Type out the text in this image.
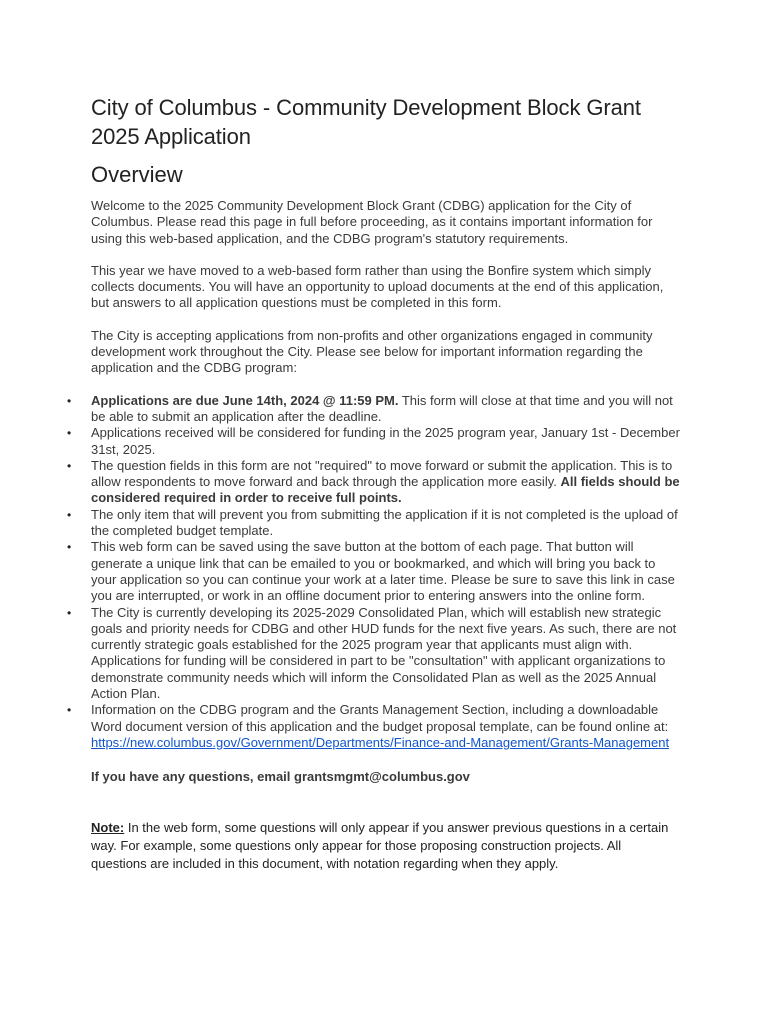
City of Columbus - Community Development Block Grant 2025 Application
Overview

Welcome to the 2025 Community Development Block Grant (CDBG) application for the City of Columbus. Please read this page in full before proceeding, as it contains important information for using this web-based application, and the CDBG program's statutory requirements.

This year we have moved to a web-based form rather than using the Bonfire system which simply collects documents. You will have an opportunity to upload documents at the end of this application, but answers to all application questions must be completed in this form.

The City is accepting applications from non-profits and other organizations engaged in community development work throughout the City. Please see below for important information regarding the application and the CDBG program:

• Applications are due June 14th, 2024 @ 11:59 PM. This form will close at that time and you will not be able to submit an application after the deadline.
• Applications received will be considered for funding in the 2025 program year, January 1st - December 31st, 2025.
• The question fields in this form are not "required" to move forward or submit the application. This is to allow respondents to move forward and back through the application more easily. All fields should be considered required in order to receive full points.
• The only item that will prevent you from submitting the application if it is not completed is the upload of the completed budget template.
• This web form can be saved using the save button at the bottom of each page. That button will generate a unique link that can be emailed to you or bookmarked, and which will bring you back to your application so you can continue your work at a later time. Please be sure to save this link in case you are interrupted, or work in an offline document prior to entering answers into the online form.
• The City is currently developing its 2025-2029 Consolidated Plan, which will establish new strategic goals and priority needs for CDBG and other HUD funds for the next five years. As such, there are not currently strategic goals established for the 2025 program year that applicants must align with. Applications for funding will be considered in part to be "consultation" with applicant organizations to demonstrate community needs which will inform the Consolidated Plan as well as the 2025 Annual Action Plan.
• Information on the CDBG program and the Grants Management Section, including a downloadable Word document version of this application and the budget proposal template, can be found online at: https://new.columbus.gov/Government/Departments/Finance-and-Management/Grants-Management
If you have any questions, email grantsmgmt@columbus.gov
Note: In the web form, some questions will only appear if you answer previous questions in a certain way. For example, some questions only appear for those proposing construction projects. All questions are included in this document, with notation regarding when they apply.
